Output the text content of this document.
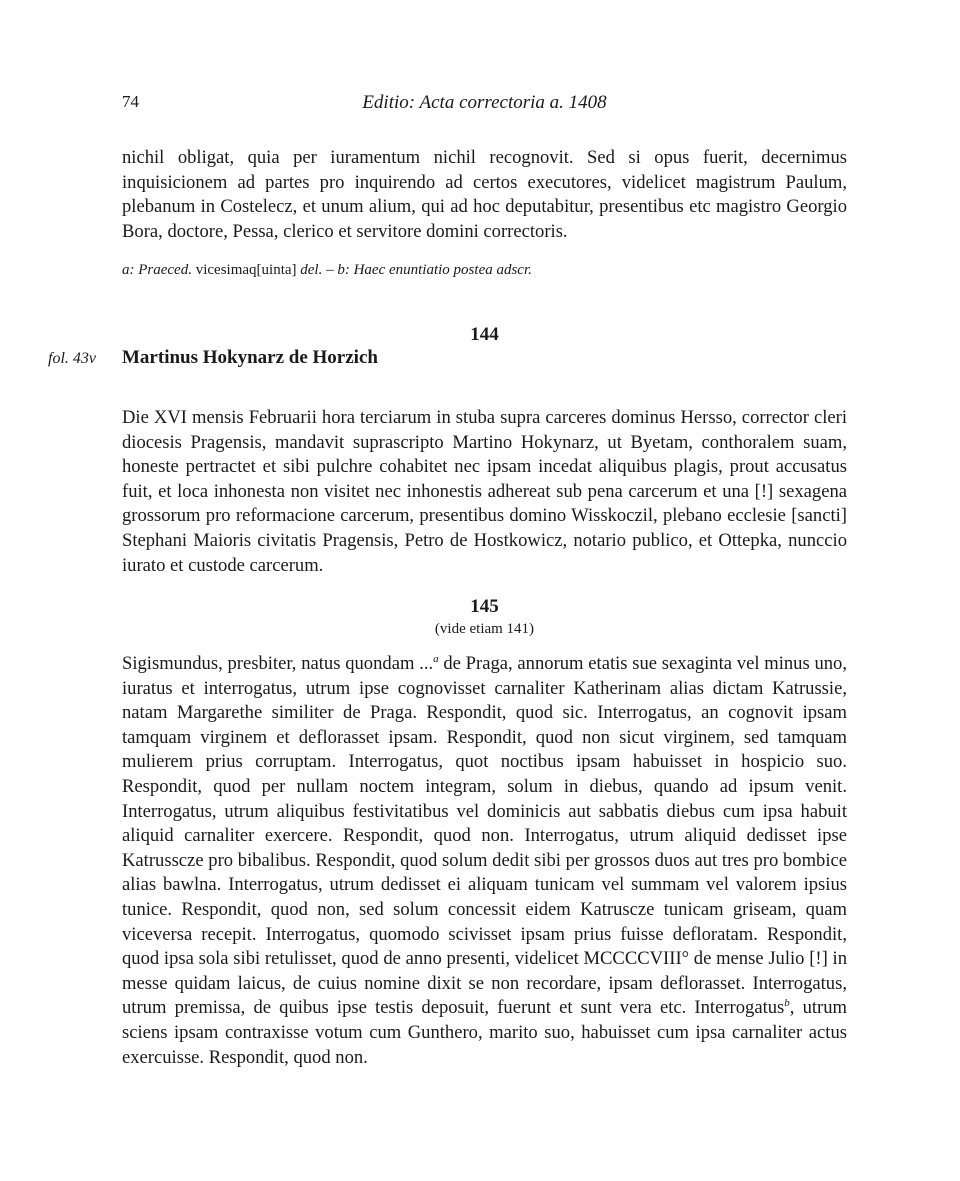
74	Editio: Acta correctoria a. 1408

nichil obligat, quia per iuramentum nichil recognovit. Sed si opus fuerit, decernimus inquisicionem ad partes pro inquirendo ad certos executores, videlicet magistrum Paulum, plebanum in Costelecz, et unum alium, qui ad hoc deputabitur, presentibus etc magistro Georgio Bora, doctore, Pessa, clerico et servitore domini correctoris.

a: Praeced. vicesimaq[uinta] del. – b: Haec enuntiatio postea adscr.
144
fol. 43v Martinus Hokynarz de Horzich

Die XVI mensis Februarii hora terciarum in stuba supra carceres dominus Hersso, corrector cleri diocesis Pragensis, mandavit suprascripto Martino Hokynarz, ut Byetam, conthoralem suam, honeste pertractet et sibi pulchre cohabitet nec ipsam incedat aliquibus plagis, prout accusatus fuit, et loca inhonesta non visitet nec inhonestis adhereat sub pena carcerum et una [!] sexagena grossorum pro reformacione carcerum, presentibus domino Wisskoczil, plebano ecclesie [sancti] Stephani Maioris civitatis Pragensis, Petro de Hostkowicz, notario publico, et Ottepka, nunccio iurato et custode carcerum.

145
(vide etiam 141)

Sigismundus, presbiter, natus quondam ...$^a$ de Praga, annorum etatis sue sexaginta vel minus uno, iuratus et interrogatus, utrum ipse cognovisset carnaliter Katherinam alias dictam Katrussie, natam Margarethe similiter de Praga. Respondit, quod sic. Interrogatus, an cognovit ipsam tamquam virginem et deflorasset ipsam. Respondit, quod non sicut virginem, sed tamquam mulierem prius corruptam. Interrogatus, quot noctibus ipsam habuisset in hospicio suo. Respondit, quod per nullam noctem integram, solum in diebus, quando ad ipsum venit. Interrogatus, utrum aliquibus festivitatibus vel dominicis aut sabbatis diebus cum ipsa habuit aliquid carnaliter exercere. Respondit, quod non. Interrogatus, utrum aliquid dedisset ipse Katrusscze pro bibalibus. Respondit, quod solum dedit sibi per grossos duos aut tres pro bombice alias bawlna. Interrogatus, utrum dedisset ei aliquam tunicam vel summam vel valorem ipsius tunice. Respondit, quod non, sed solum concessit eidem Katruscze tunicam griseam, quam viceversa recepit. Interrogatus, quomodo scivisset ipsam prius fuisse defloratam. Respondit, quod ipsa sola sibi retulisset, quod de anno presenti, videlicet MCCCCVIII° de mense Julio [!] in messe quidam laicus, de cuius nomine dixit se non recordare, ipsam deflorasset. Interrogatus, utrum premissa, de quibus ipse testis deposuit, fuerunt et sunt vera etc. Interrogatus$^b$, utrum sciens ipsam contraxisse votum cum Gunthero, marito suo, habuisset cum ipsa carnaliter actus exercuisse. Respondit, quod non.
